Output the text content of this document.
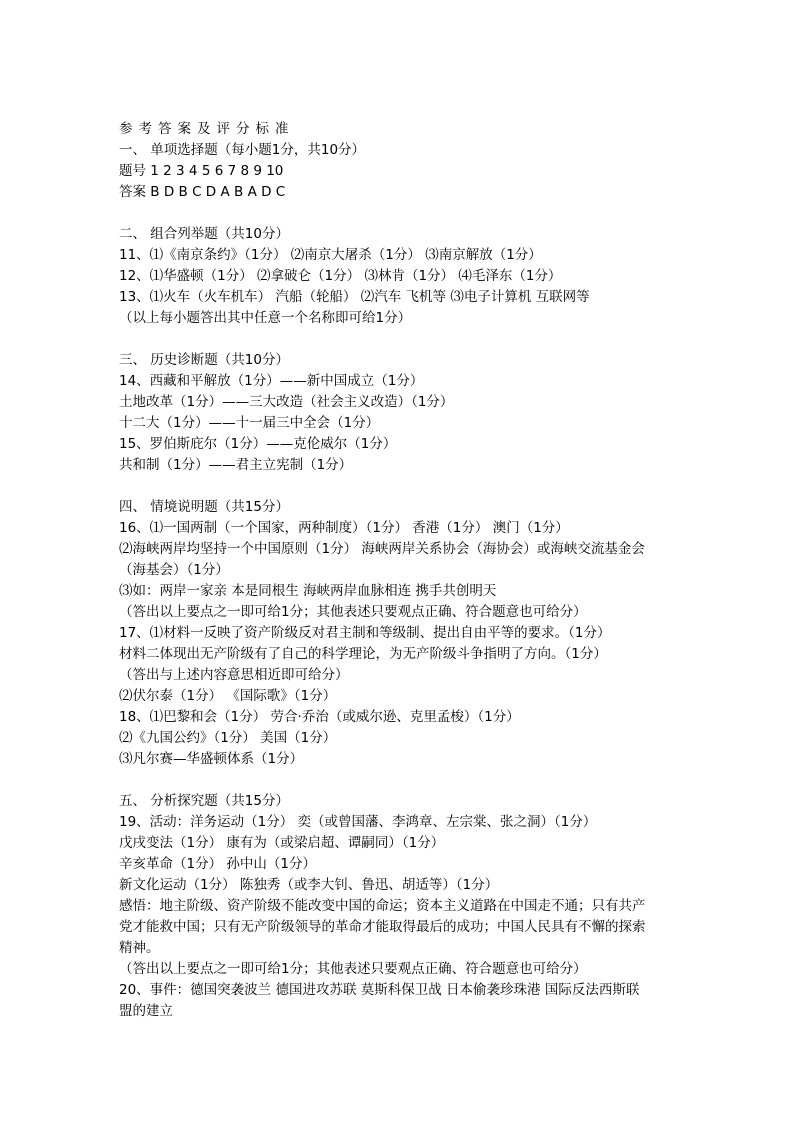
参考答案及评分标准
一、 单项选择题（每小题1分，共10分）
题号 1 2 3 4 5 6 7 8 9 10
答案 B D B C D A B A D C
二、 组合列举题（共10分）
11、⑴《南京条约》（1分） ⑵南京大屠杀（1分） ⑶南京解放（1分）
12、⑴华盛顿（1分） ⑵拿破仑（1分） ⑶林肯（1分） ⑷毛泽东（1分）
13、⑴火车（火车机车） 汽船（轮船） ⑵汽车 飞机等 ⑶电子计算机 互联网等
（以上每小题答出其中任意一个名称即可给1分）
三、 历史诊断题（共10分）
14、西藏和平解放（1分）——新中国成立（1分）
土地改革（1分）——三大改造（社会主义改造）（1分）
十二大（1分）——十一届三中全会（1分）
15、罗伯斯庇尔（1分）——克伦威尔（1分）
共和制（1分）——君主立宪制（1分）
四、 情境说明题（共15分）
16、⑴一国两制（一个国家，两种制度）（1分） 香港（1分） 澳门（1分）
⑵海峡两岸均坚持一个中国原则（1分） 海峡两岸关系协会（海协会）或海峡交流基金会
（海基会）（1分）
⑶如：两岸一家亲 本是同根生 海峡两岸血脉相连 携手共创明天
（答出以上要点之一即可给1分；其他表述只要观点正确、符合题意也可给分）
17、⑴材料一反映了资产阶级反对君主制和等级制、提出自由平等的要求。（1分）
材料二体现出无产阶级有了自己的科学理论，为无产阶级斗争指明了方向。（1分）
（答出与上述内容意思相近即可给分）
⑵伏尔泰（1分） 《国际歌》（1分）
18、⑴巴黎和会（1分） 劳合·乔治（或威尔逊、克里孟梭）（1分）
⑵《九国公约》（1分） 美国（1分）
⑶凡尔赛—华盛顿体系（1分）
五、 分析探究题（共15分）
19、活动：洋务运动（1分） 奕（或曾国藩、李鸿章、左宗棠、张之洞）（1分）
戊戌变法（1分） 康有为（或梁启超、谭嗣同）（1分）
辛亥革命（1分） 孙中山（1分）
新文化运动（1分） 陈独秀（或李大钊、鲁迅、胡适等）（1分）
感悟：地主阶级、资产阶级不能改变中国的命运；资本主义道路在中国走不通；只有共产
党才能救中国；只有无产阶级领导的革命才能取得最后的成功；中国人民具有不懈的探索
精神。
（答出以上要点之一即可给1分；其他表述只要观点正确、符合题意也可给分）
20、事件：德国突袭波兰 德国进攻苏联 莫斯科保卫战 日本偷袭珍珠港 国际反法西斯联
盟的建立
